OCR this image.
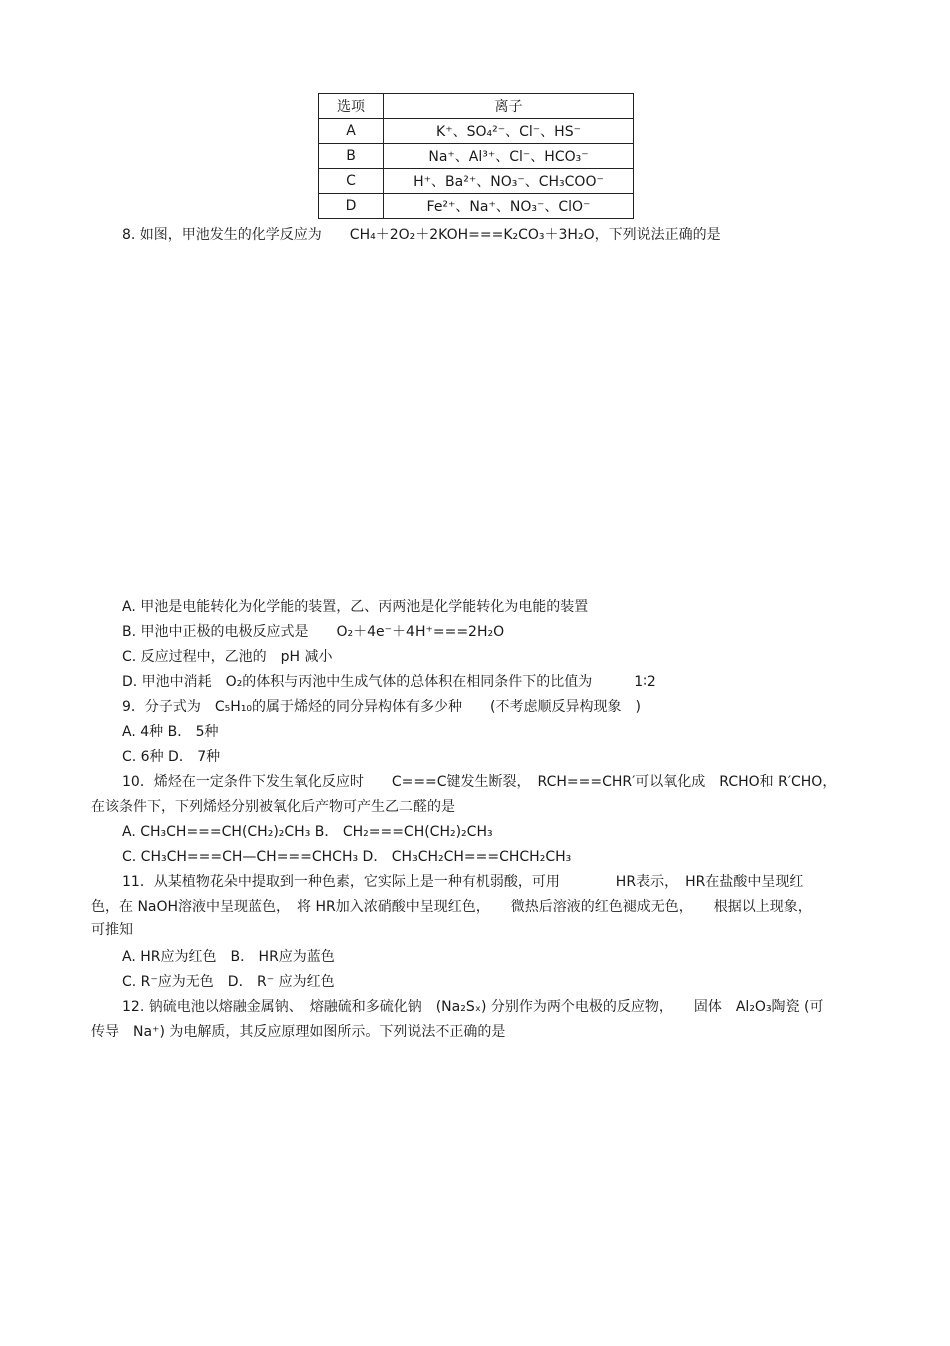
选项	离子
A	K⁺、SO₄²⁻、Cl⁻、HS⁻
B	Na⁺、Al³⁺、Cl⁻、HCO₃⁻
C	H⁺、Ba²⁺、NO₃⁻、CH₃COO⁻
D	Fe²⁺、Na⁺、NO₃⁻、ClO⁻
8. 如图，甲池发生的化学反应为　　CH₄＋2O₂＋2KOH===K₂CO₃＋3H₂O，下列说法正确的是
A. 甲池是电能转化为化学能的装置，乙、丙两池是化学能转化为电能的装置
B. 甲池中正极的电极反应式是　　O₂＋4e⁻＋4H⁺===2H₂O
C. 反应过程中，乙池的　pH 减小
D. 甲池中消耗　O₂的体积与丙池中生成气体的总体积在相同条件下的比值为　　　1∶2
9．分子式为　C₅H₁₀的属于烯烃的同分异构体有多少种　　(不考虑顺反异构现象　)
A. 4种 B． 5种
C. 6种 D． 7种
10．烯烃在一定条件下发生氧化反应时　　C===C键发生断裂，　RCH===CHR′可以氧化成　RCHO和 R′CHO，
在该条件下，下列烯烃分别被氧化后产物可产生乙二醛的是
A. CH₃CH===CH(CH₂)₂CH₃ B． CH₂===CH(CH₂)₂CH₃
C. CH₃CH===CH—CH===CHCH₃ D． CH₃CH₂CH===CHCH₂CH₃
11．从某植物花朵中提取到一种色素，它实际上是一种有机弱酸，可用　　　　HR表示，　HR在盐酸中呈现红
色，在 NaOH溶液中呈现蓝色，　将 HR加入浓硝酸中呈现红色，　　微热后溶液的红色褪成无色，　　根据以上现象，
可推知
A. HR应为红色　B． HR应为蓝色
C. R⁻应为无色　D． R⁻ 应为红色
12. 钠硫电池以熔融金属钠、　熔融硫和多硫化钠　(Na₂Sₓ) 分别作为两个电极的反应物，　　固体　Al₂O₃陶瓷 (可
传导　Na⁺) 为电解质，其反应原理如图所示。下列说法不正确的是
